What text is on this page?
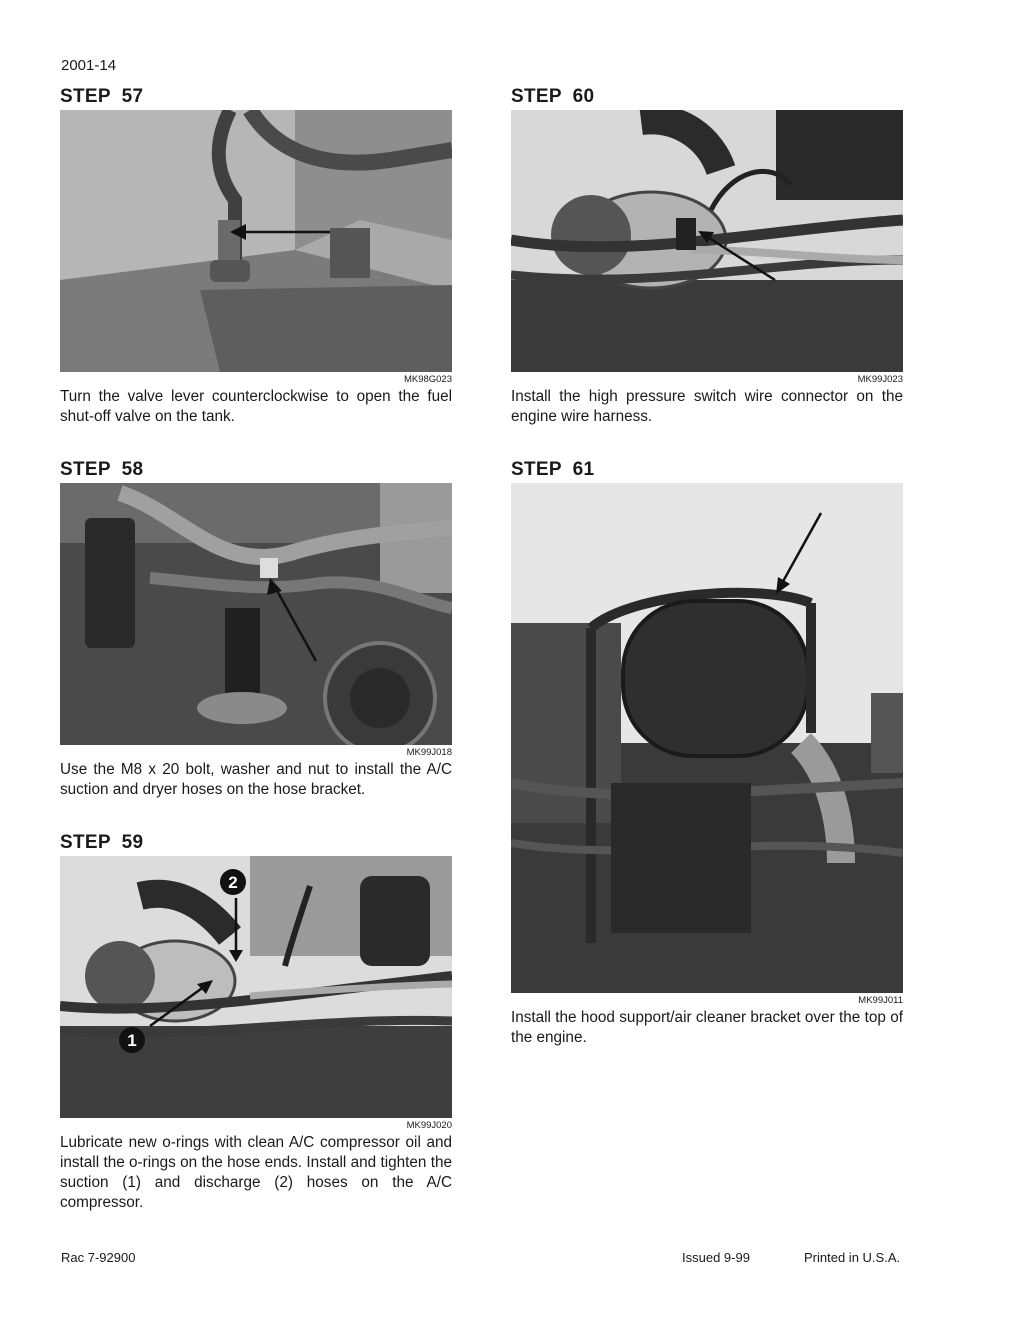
2001-14
STEP  57
MK98G023
Turn the valve lever counterclockwise to open the fuel shut-off valve on the tank.
STEP  58
MK99J018
Use the M8 x 20 bolt, washer and nut to install the A/C suction and dryer hoses on the hose bracket.
STEP  59
2
1
MK99J020
Lubricate new o-rings with clean A/C compressor oil and install the o-rings on the hose ends. Install and tighten the suction (1) and discharge (2) hoses on the A/C compressor.
STEP  60
MK99J023
Install the high pressure switch wire connector on the engine wire harness.
STEP  61
MK99J011
Install the hood support/air cleaner bracket over the top of the engine.
Rac 7-92900	Issued 9-99	Printed in U.S.A.
